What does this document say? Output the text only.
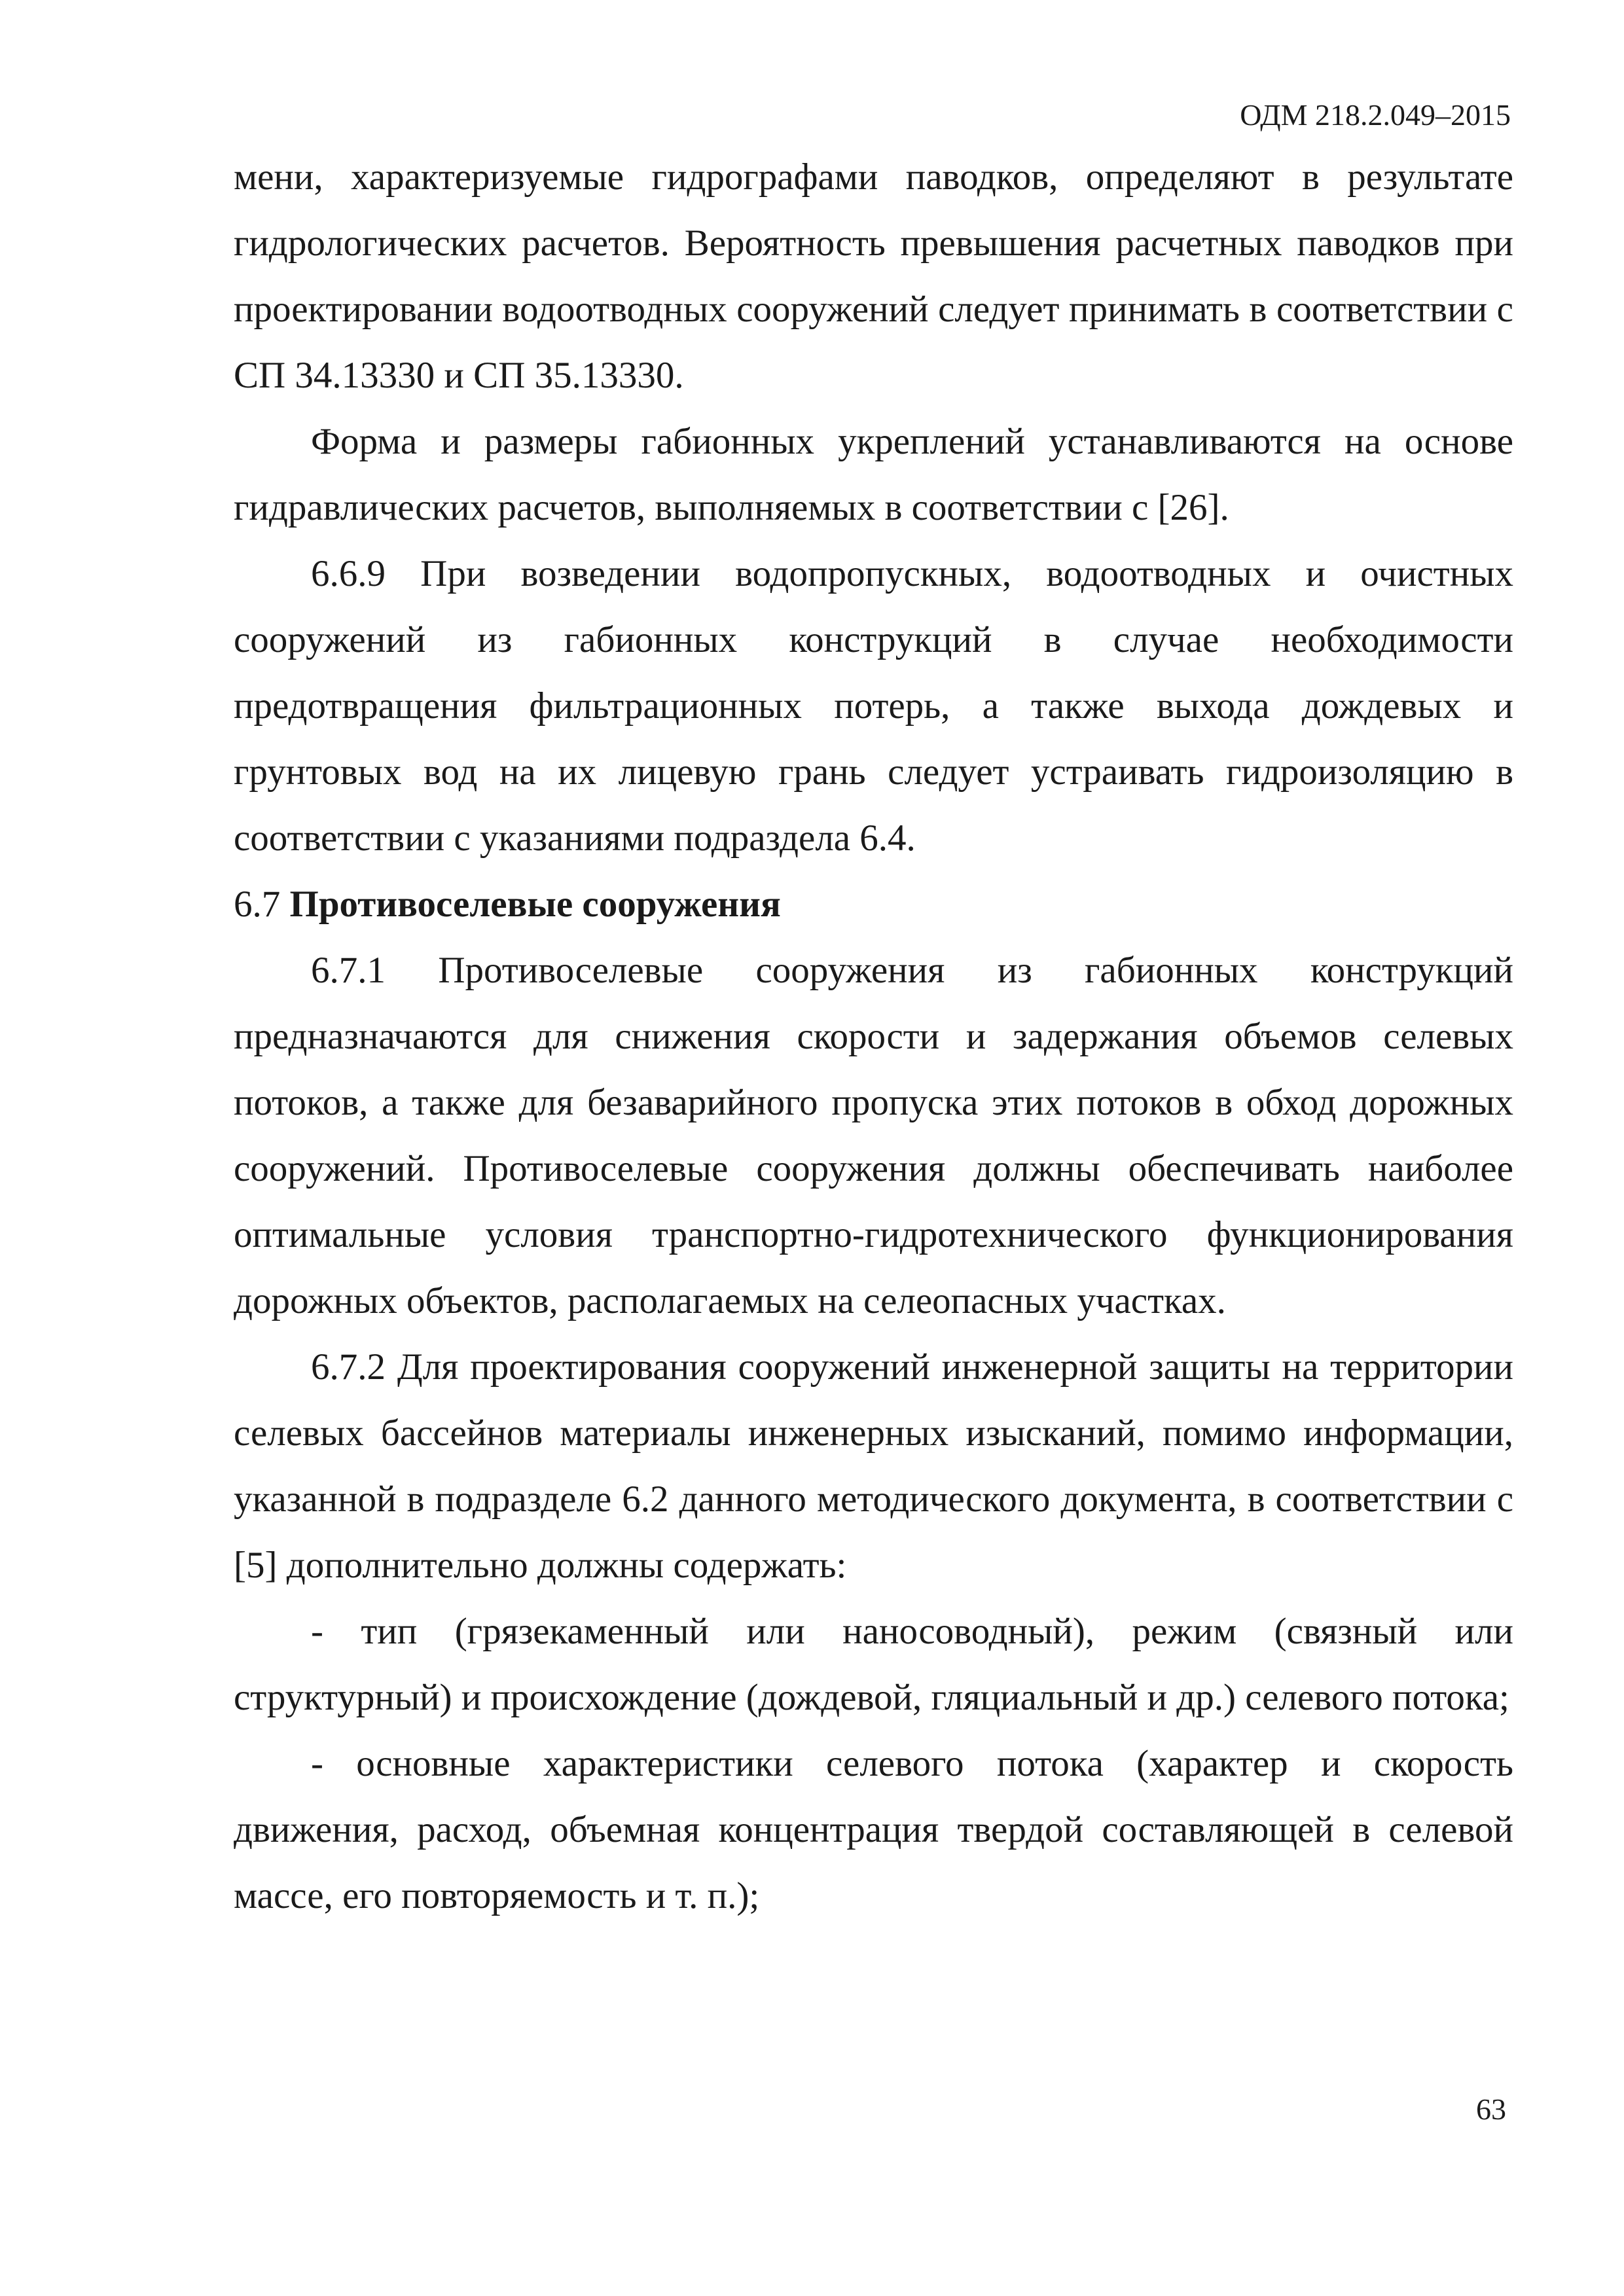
ОДМ 218.2.049–2015

мени, характеризуемые гидрографами паводков, определяют в результате гидрологических расчетов. Вероятность превышения расчетных паводков при проектировании водоотводных сооружений следует принимать в соответствии с СП 34.13330 и СП 35.13330.

Форма и размеры габионных укреплений устанавливаются на основе гидравлических расчетов, выполняемых в соответствии с [26].

6.6.9 При возведении водопропускных, водоотводных и очистных сооружений из габионных конструкций в случае необходимости предотвращения фильтрационных потерь, а также выхода дождевых и грунтовых вод на их лицевую грань следует устраивать гидроизоляцию в соответствии с указаниями подраздела 6.4.

6.7 Противоселевые сооружения

6.7.1 Противоселевые сооружения из габионных конструкций предназначаются для снижения скорости и задержания объемов селевых потоков, а также для безаварийного пропуска этих потоков в обход дорожных сооружений. Противоселевые сооружения должны обеспечивать наиболее оптимальные условия транспортно-гидротехнического функционирования дорожных объектов, располагаемых на селеопасных участках.

6.7.2 Для проектирования сооружений инженерной защиты на территории селевых бассейнов материалы инженерных изысканий, помимо информации, указанной в подразделе 6.2 данного методического документа, в соответствии с [5] дополнительно должны содержать:

- тип (грязекаменный или наносоводный), режим (связный или структурный) и происхождение (дождевой, гляциальный и др.) селевого потока;

- основные характеристики селевого потока (характер и скорость движения, расход, объемная концентрация твердой составляющей в селевой массе, его повторяемость и т. п.);

63
